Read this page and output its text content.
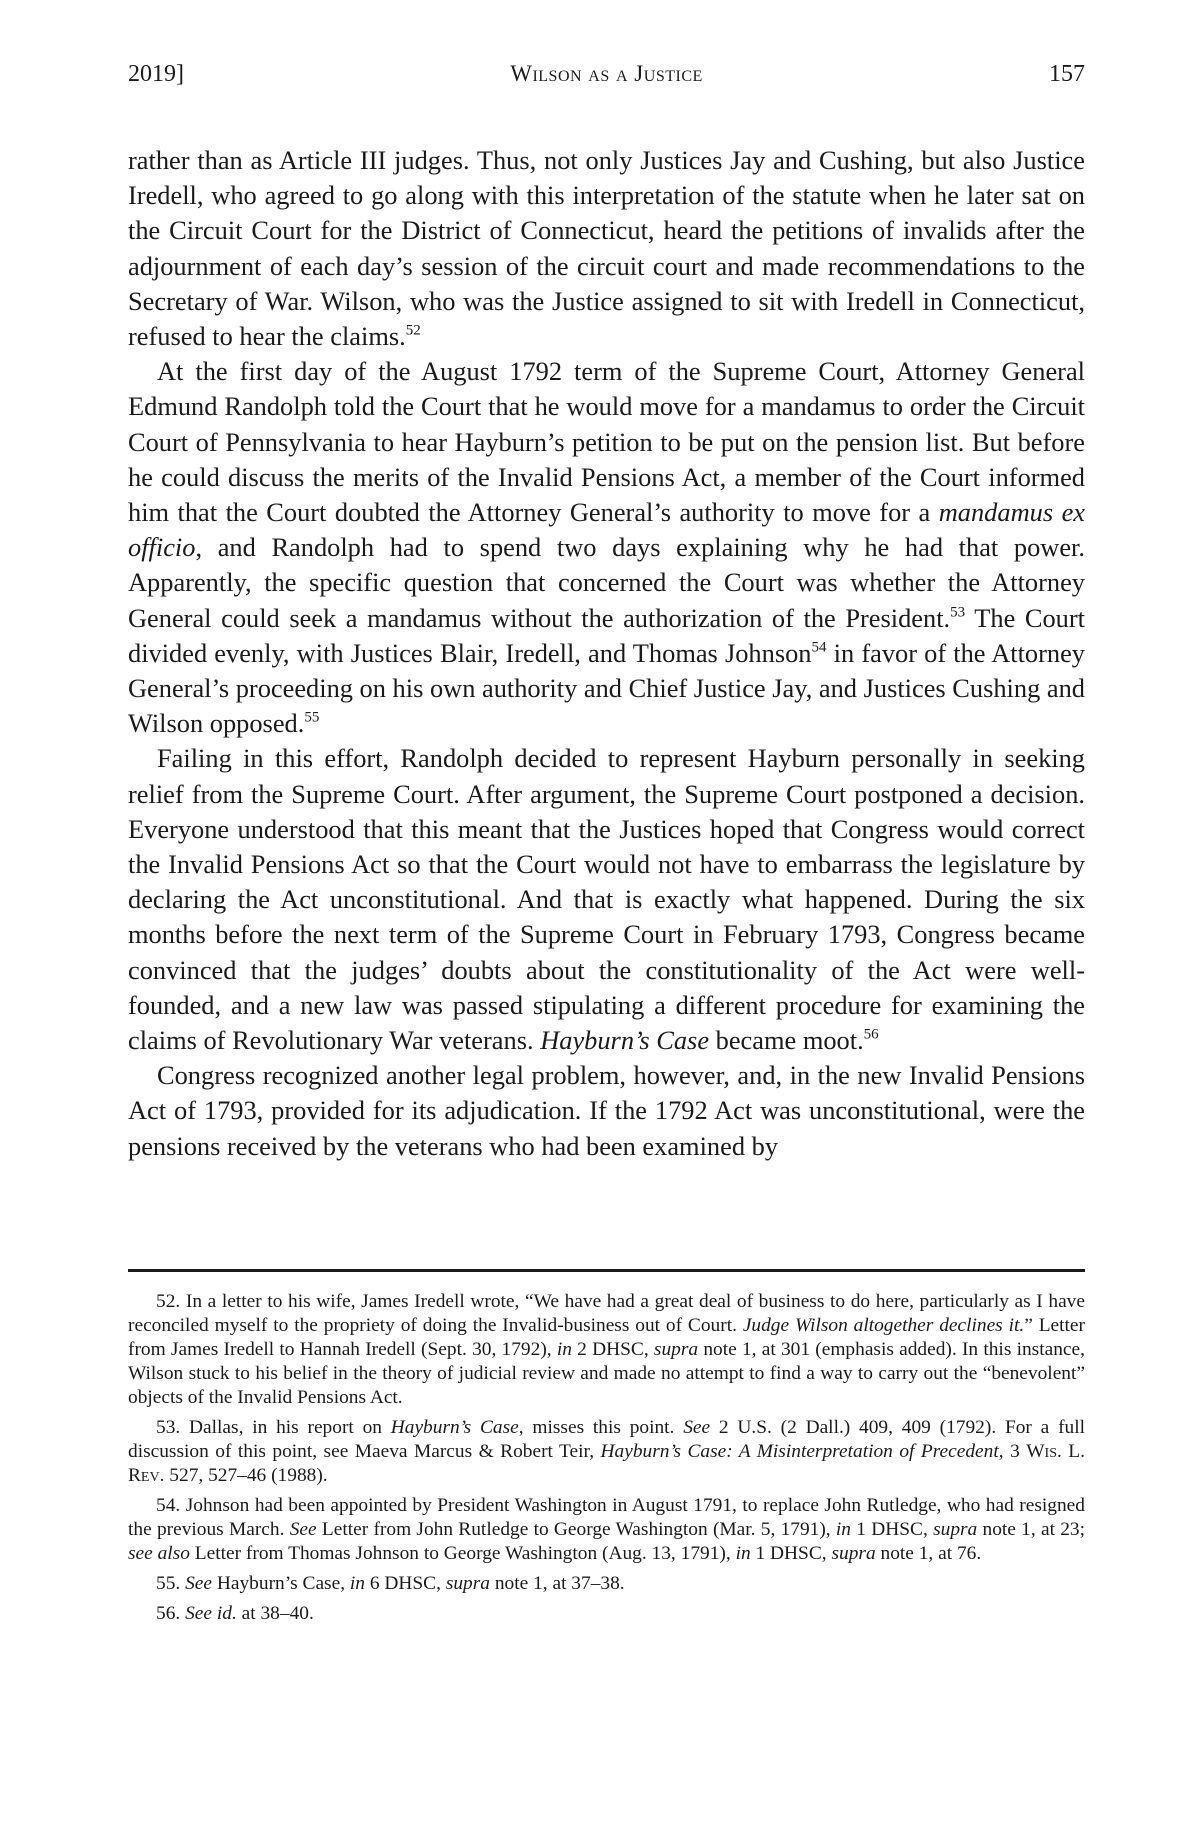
2019]	Wilson as a Justice	157

rather than as Article III judges. Thus, not only Justices Jay and Cushing, but also Justice Iredell, who agreed to go along with this interpretation of the statute when he later sat on the Circuit Court for the District of Connecticut, heard the petitions of invalids after the adjournment of each day’s session of the circuit court and made recommendations to the Secretary of War. Wilson, who was the Justice assigned to sit with Iredell in Connecticut, refused to hear the claims.$^{52}$

At the first day of the August 1792 term of the Supreme Court, Attorney General Edmund Randolph told the Court that he would move for a mandamus to order the Circuit Court of Pennsylvania to hear Hayburn’s petition to be put on the pension list. But before he could discuss the merits of the Invalid Pensions Act, a member of the Court informed him that the Court doubted the Attorney General’s authority to move for a mandamus ex officio, and Randolph had to spend two days explaining why he had that power. Apparently, the specific question that concerned the Court was whether the Attorney General could seek a mandamus without the authorization of the President.$^{53}$ The Court divided evenly, with Justices Blair, Iredell, and Thomas Johnson$^{54}$ in favor of the Attorney General’s proceeding on his own authority and Chief Justice Jay, and Justices Cushing and Wilson opposed.$^{55}$

Failing in this effort, Randolph decided to represent Hayburn personally in seeking relief from the Supreme Court. After argument, the Supreme Court postponed a decision. Everyone understood that this meant that the Justices hoped that Congress would correct the Invalid Pensions Act so that the Court would not have to embarrass the legislature by declaring the Act unconstitutional. And that is exactly what happened. During the six months before the next term of the Supreme Court in February 1793, Congress became convinced that the judges’ doubts about the constitutionality of the Act were well-founded, and a new law was passed stipulating a different procedure for examining the claims of Revolutionary War veterans. Hayburn’s Case became moot.$^{56}$

Congress recognized another legal problem, however, and, in the new Invalid Pensions Act of 1793, provided for its adjudication. If the 1792 Act was unconstitutional, were the pensions received by the veterans who had been examined by

52. In a letter to his wife, James Iredell wrote, “We have had a great deal of business to do here, particularly as I have reconciled myself to the propriety of doing the Invalid-business out of Court. Judge Wilson altogether declines it.” Letter from James Iredell to Hannah Iredell (Sept. 30, 1792), in 2 DHSC, supra note 1, at 301 (emphasis added). In this instance, Wilson stuck to his belief in the theory of judicial review and made no attempt to find a way to carry out the “benevolent” objects of the Invalid Pensions Act.

53. Dallas, in his report on Hayburn’s Case, misses this point. See 2 U.S. (2 Dall.) 409, 409 (1792). For a full discussion of this point, see Maeva Marcus & Robert Teir, Hayburn’s Case: A Misinterpretation of Precedent, 3 Wis. L. Rev. 527, 527–46 (1988).

54. Johnson had been appointed by President Washington in August 1791, to replace John Rutledge, who had resigned the previous March. See Letter from John Rutledge to George Washington (Mar. 5, 1791), in 1 DHSC, supra note 1, at 23; see also Letter from Thomas Johnson to George Washington (Aug. 13, 1791), in 1 DHSC, supra note 1, at 76.

55. See Hayburn’s Case, in 6 DHSC, supra note 1, at 37–38.

56. See id. at 38–40.
